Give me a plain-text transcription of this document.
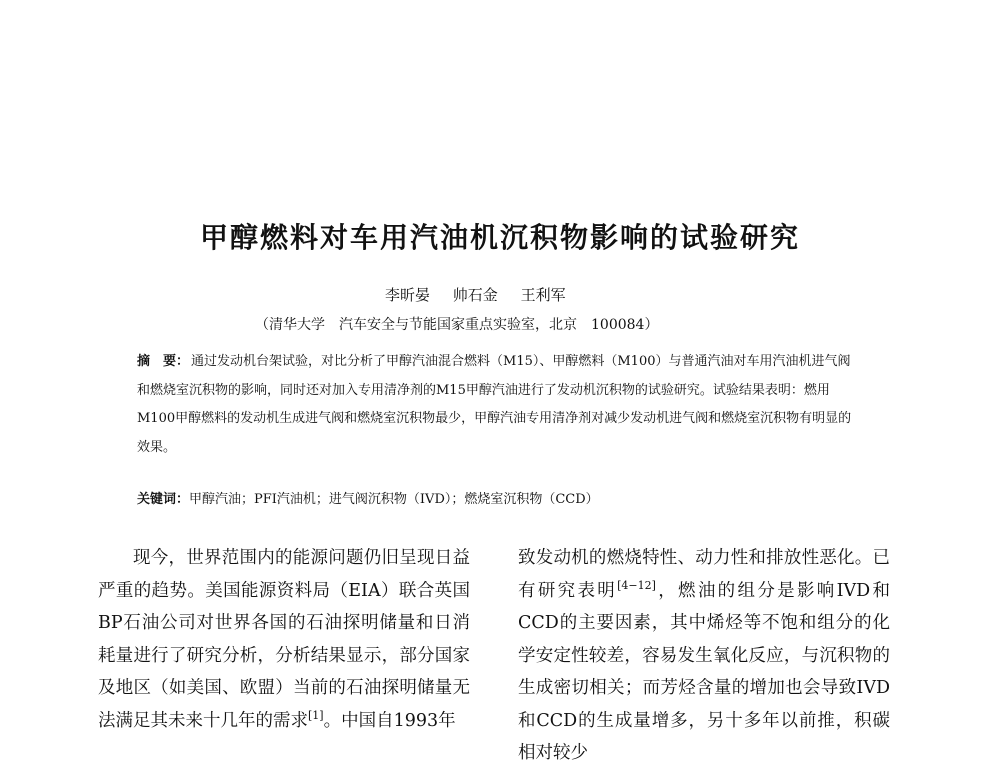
甲醇燃料对车用汽油机沉积物影响的试验研究

李昕晏 帅石金 王利军

（清华大学　汽车安全与节能国家重点实验室，北京　100084）

摘　要： 通过发动机台架试验，对比分析了甲醇汽油混合燃料（M15）、甲醇燃料（M100）与普通汽油对车用汽油机进气阀和燃烧室沉积物的影响，同时还对加入专用清净剂的M15甲醇汽油进行了发动机沉积物的试验研究。试验结果表明：燃用M100甲醇燃料的发动机生成进气阀和燃烧室沉积物最少，甲醇汽油专用清净剂对减少发动机进气阀和燃烧室沉积物有明显的效果。

关键词：甲醇汽油；PFI汽油机；进气阀沉积物（IVD）；燃烧室沉积物（CCD）

现今，世界范围内的能源问题仍旧呈现日益严重的趋势。美国能源资料局（EIA）联合英国BP石油公司对世界各国的石油探明储量和日消耗量进行了研究分析，分析结果显示，部分国家及地区（如美国、欧盟）当前的石油探明储量无法满足其未来十几年的需求[1]。中国自1993年

致发动机的燃烧特性、动力性和排放性恶化。已有研究表明[4−12]，燃油的组分是影响IVD和CCD的主要因素，其中烯烃等不饱和组分的化学安定性较差，容易发生氧化反应，与沉积物的生成密切相关；而芳烃含量的增加也会导致IVD和CCD的生成量增多，另十多年以前推，积碳相对较少
